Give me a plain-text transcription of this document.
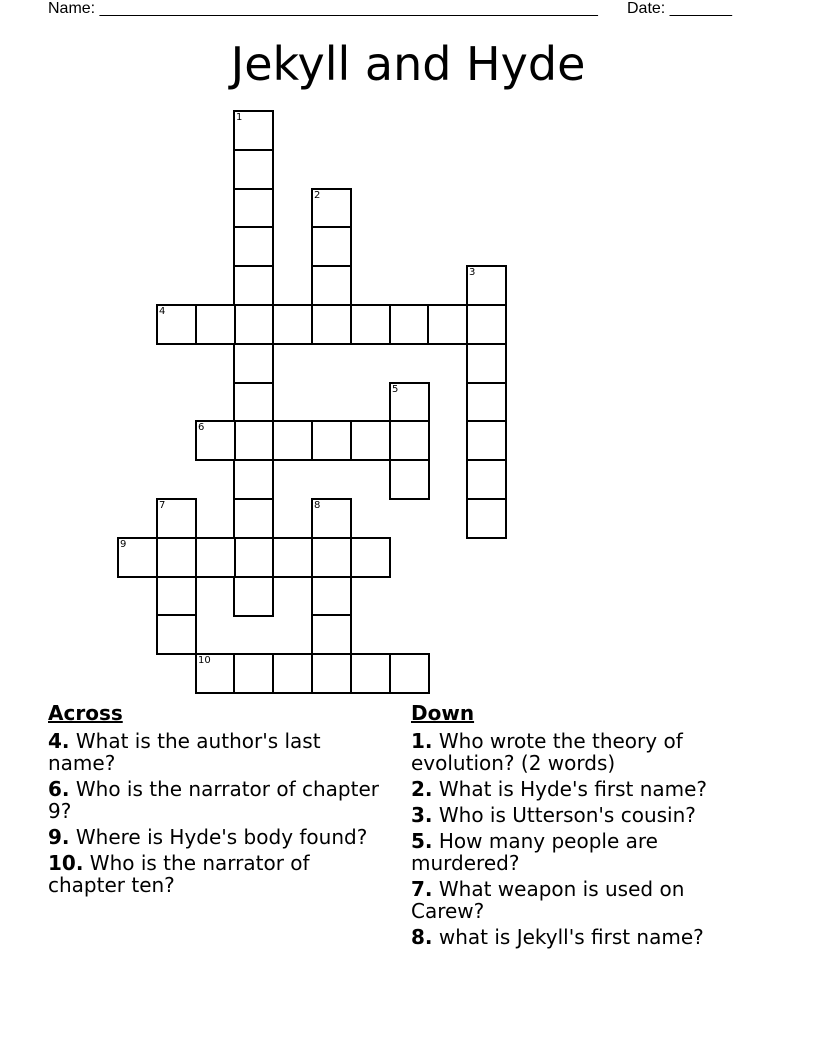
Name: ________________________________________________________ Date: _______
Jekyll and Hyde
1
2
3
5
7	8
4
6
9
10
Across
4. What is the author's last name?
6. Who is the narrator of chapter 9?
9. Where is Hyde's body found?
10. Who is the narrator of chapter ten?
Down
1. Who wrote the theory of evolution? (2 words)
2. What is Hyde's first name?
3. Who is Utterson's cousin?
5. How many people are murdered?
7. What weapon is used on Carew?
8. what is Jekyll's first name?
